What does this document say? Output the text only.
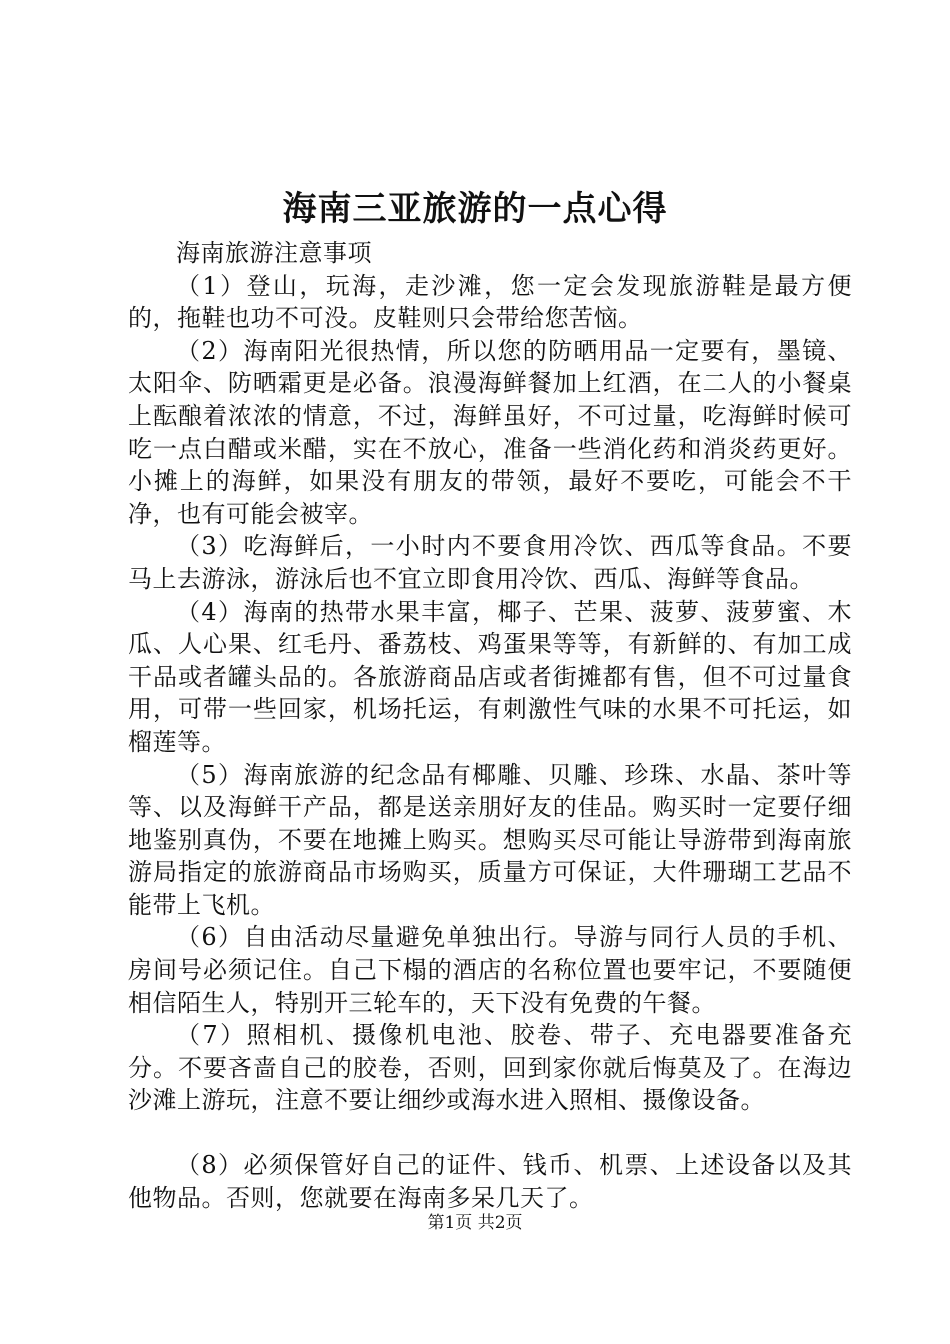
海南三亚旅游的一点心得

海南旅游注意事项

（1）登山，玩海，走沙滩，您一定会发现旅游鞋是最方便的，拖鞋也功不可没。皮鞋则只会带给您苦恼。

（2）海南阳光很热情，所以您的防晒用品一定要有，墨镜、太阳伞、防晒霜更是必备。浪漫海鲜餐加上红酒，在二人的小餐桌上酝酿着浓浓的情意，不过，海鲜虽好，不可过量，吃海鲜时候可吃一点白醋或米醋，实在不放心，准备一些消化药和消炎药更好。小摊上的海鲜，如果没有朋友的带领，最好不要吃，可能会不干净，也有可能会被宰。

（3）吃海鲜后，一小时内不要食用冷饮、西瓜等食品。不要马上去游泳，游泳后也不宜立即食用冷饮、西瓜、海鲜等食品。

（4）海南的热带水果丰富，椰子、芒果、菠萝、菠萝蜜、木瓜、人心果、红毛丹、番荔枝、鸡蛋果等等，有新鲜的、有加工成干品或者罐头品的。各旅游商品店或者街摊都有售，但不可过量食用，可带一些回家，机场托运，有刺激性气味的水果不可托运，如榴莲等。

（5）海南旅游的纪念品有椰雕、贝雕、珍珠、水晶、茶叶等等、以及海鲜干产品，都是送亲朋好友的佳品。购买时一定要仔细地鉴别真伪，不要在地摊上购买。想购买尽可能让导游带到海南旅游局指定的旅游商品市场购买，质量方可保证，大件珊瑚工艺品不能带上飞机。

（6）自由活动尽量避免单独出行。导游与同行人员的手机、房间号必须记住。自己下榻的酒店的名称位置也要牢记，不要随便相信陌生人，特别开三轮车的，天下没有免费的午餐。

（7）照相机、摄像机电池、胶卷、带子、充电器要准备充分。不要吝啬自己的胶卷，否则，回到家你就后悔莫及了。在海边沙滩上游玩，注意不要让细纱或海水进入照相、摄像设备。

（8）必须保管好自己的证件、钱币、机票、上述设备以及其他物品。否则，您就要在海南多呆几天了。

第1页 共2页
